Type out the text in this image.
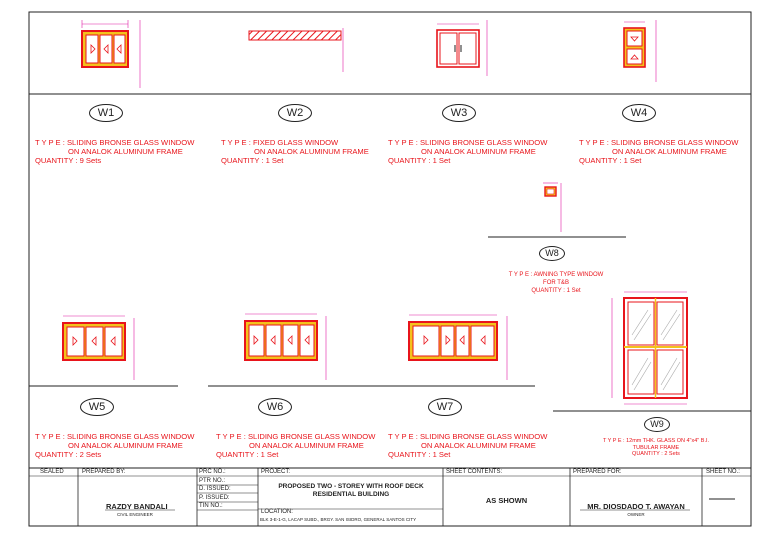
W1	W2	W3	W4
W5	W6	W7
W8
W9
T Y P E : SLIDING BRONSE GLASS WINDOW
ON ANALOK ALUMINUM FRAME
QUANTITY : 9 Sets
T Y P E : FIXED GLASS WINDOW
ON ANALOK ALUMINUM FRAME
QUANTITY : 1 Set
T Y P E : SLIDING BRONSE GLASS WINDOW
ON ANALOK ALUMINUM FRAME
QUANTITY : 1 Set
T Y P E : SLIDING BRONSE GLASS WINDOW
ON ANALOK ALUMINUM FRAME
QUANTITY : 1 Set
T Y P E : SLIDING BRONSE GLASS WINDOW
ON ANALOK ALUMINUM FRAME
QUANTITY : 2 Sets
T Y P E : SLIDING BRONSE GLASS WINDOW
ON ANALOK ALUMINUM FRAME
QUANTITY : 1 Set
T Y P E : SLIDING BRONSE GLASS WINDOW
ON ANALOK ALUMINUM FRAME
QUANTITY : 1 Set
T Y P E : AWNING TYPE WINDOW
FOR T&B
QUANTITY : 1 Set
T Y P E : 12mm THK. GLASS ON 4"x4" B.I.
TUBULAR FRAME
QUANTITY : 2 Sets
SEALED	PREPARED BY:
RAZDY BANDALI
CIVIL ENGINEER
PRC NO.:
PTR NO.:
D. ISSUED:
P. ISSUED:
TIN NO.:
PROJECT:
PROPOSED TWO - STOREY WITH ROOF DECK
RESIDENTIAL BUILDING
LOCATION:
BLK 3-E-1-G, LACAP SUBD., BRGY. SAN ISIDRO, GENERAL SANTOS CITY
SHEET CONTENTS:
AS SHOWN
PREPARED FOR:
MR. DIOSDADO T. AWAYAN
OWNER
SHEET NO.:
